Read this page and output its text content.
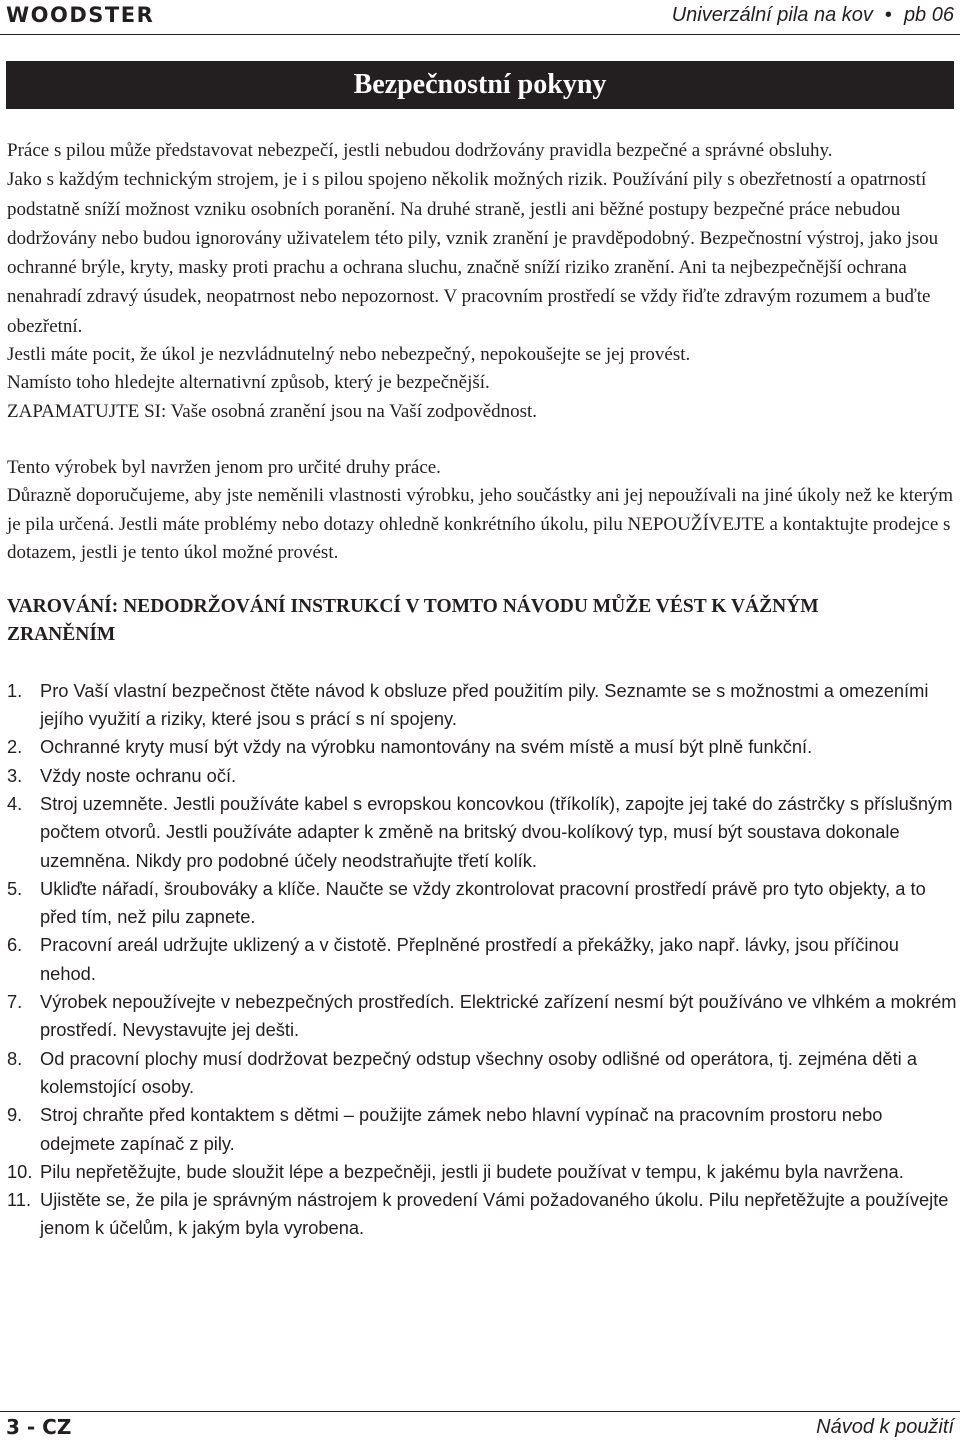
WOODSTER	Univerzální pila na kov • pb 06
Bezpečnostní pokyny

Práce s pilou může představovat nebezpečí, jestli nebudou dodržovány pravidla bezpečné a správné obsluhy.

Jako s každým technickým strojem, je i s pilou spojeno několik možných rizik. Používání pily s obezřetností a opatrností podstatně sníží možnost vzniku osobních poranění. Na druhé straně, jestli ani běžné postupy bezpečné práce nebudou dodržovány nebo budou ignorovány uživatelem této pily, vznik zranění je pravděpodobný. Bezpečnostní výstroj, jako jsou ochranné brýle, kryty, masky proti prachu a ochrana sluchu, značně sníží riziko zranění. Ani ta nejbezpečnější ochrana nenahradí zdravý úsudek, neopatrnost nebo nepozornost. V pracovním prostředí se vždy řiďte zdravým rozumem a buďte obezřetní.

Jestli máte pocit, že úkol je nezvládnutelný nebo nebezpečný, nepokoušejte se jej provést.

Namísto toho hledejte alternativní způsob, který je bezpečnější.

ZAPAMATUJTE SI: Vaše osobná zranění jsou na Vaší zodpovědnost.

Tento výrobek byl navržen jenom pro určité druhy práce.

Důrazně doporučujeme, aby jste neměnili vlastnosti výrobku, jeho součástky ani jej nepoužívali na jiné úkoly než ke kterým je pila určená. Jestli máte problémy nebo dotazy ohledně konkrétního úkolu, pilu NEPOUŽÍVEJTE a kontaktujte prodejce s dotazem, jestli je tento úkol možné provést.

VAROVÁNÍ: NEDODRŽOVÁNÍ INSTRUKCÍ V TOMTO NÁVODU MŮŽE VÉST K VÁŽNÝM ZRANĚNÍM

1. Pro Vaší vlastní bezpečnost čtěte návod k obsluze před použitím pily. Seznamte se s možnostmi a omezeními jejího využití a riziky, které jsou s prácí s ní spojeny.
2. Ochranné kryty musí být vždy na výrobku namontovány na svém místě a musí být plně funkční.
3. Vždy noste ochranu očí.
4. Stroj uzemněte. Jestli používáte kabel s evropskou koncovkou (tříkolík), zapojte jej také do zástrčky s příslušným počtem otvorů. Jestli používáte adapter k změně na britský dvou-kolíkový typ, musí být soustava dokonale uzemněna. Nikdy pro podobné účely neodstraňujte třetí kolík.
5. Ukliďte nářadí, šroubováky a klíče. Naučte se vždy zkontrolovat pracovní prostředí právě pro tyto objekty, a to před tím, než pilu zapnete.
6. Pracovní areál udržujte uklizený a v čistotě. Přeplněné prostředí a překážky, jako např. lávky, jsou příčinou nehod.
7. Výrobek nepoužívejte v nebezpečných prostředích. Elektrické zařízení nesmí být používáno ve vlhkém a mokrém prostředí. Nevystavujte jej dešti.
8. Od pracovní plochy musí dodržovat bezpečný odstup všechny osoby odlišné od operátora, tj. zejména děti a kolemstojící osoby.
9. Stroj chraňte před kontaktem s dětmi – použijte zámek nebo hlavní vypínač na pracovním prostoru nebo odejmete zapínač z pily.
10. Pilu nepřetěžujte, bude sloužit lépe a bezpečněji, jestli ji budete používat v tempu, k jakému byla navržena.
11. Ujistěte se, že pila je správným nástrojem k provedení Vámi požadovaného úkolu. Pilu nepřetěžujte a používejte jenom k účelům, k jakým byla vyrobena.
3 - CZ	Návod k použití
